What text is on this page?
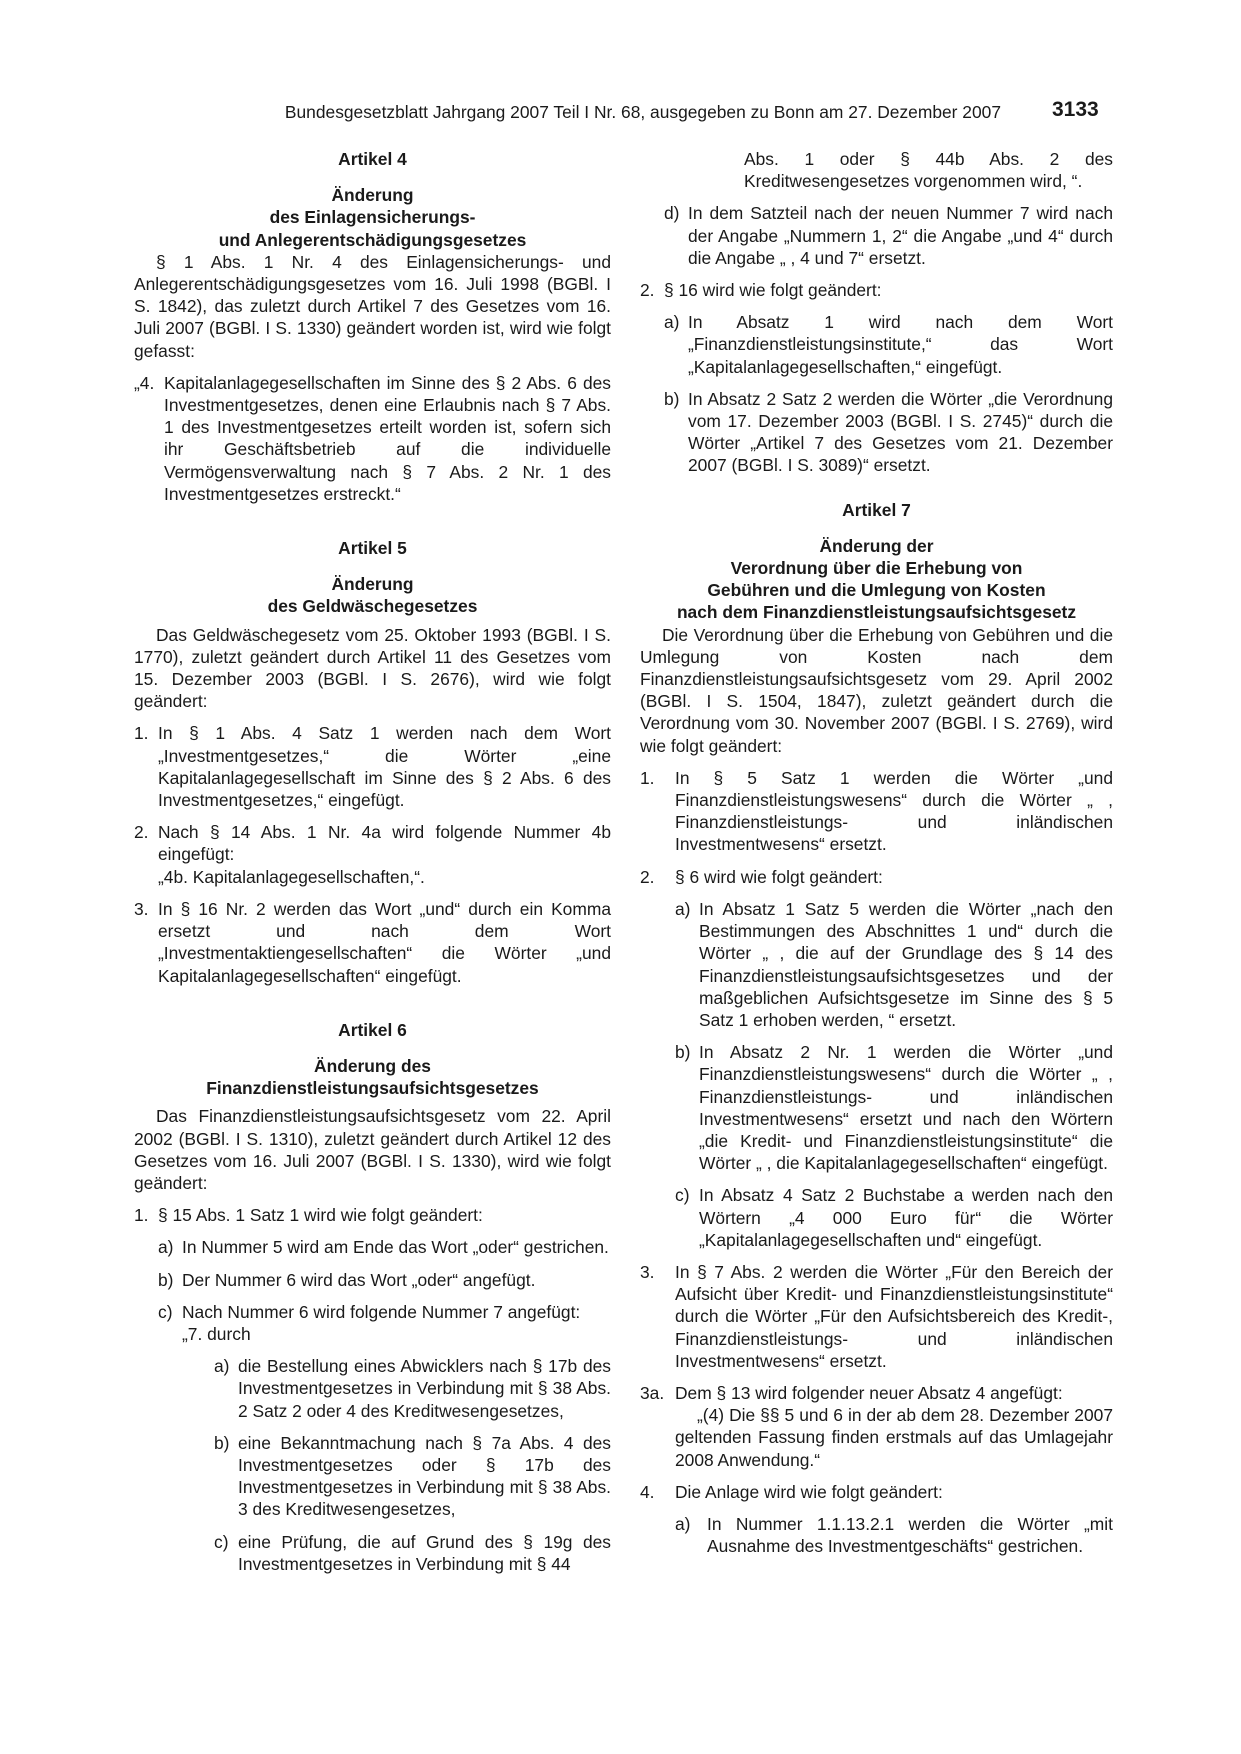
Bundesgesetzblatt Jahrgang 2007 Teil I Nr. 68, ausgegeben zu Bonn am 27. Dezember 2007 3133

Artikel 4

Änderung
des Einlagensicherungs-
und Anlegerentschädigungsgesetzes

§ 1 Abs. 1 Nr. 4 des Einlagensicherungs- und Anlegerentschädigungsgesetzes vom 16. Juli 1998 (BGBl. I S. 1842), das zuletzt durch Artikel 7 des Gesetzes vom 16. Juli 2007 (BGBl. I S. 1330) geändert worden ist, wird wie folgt gefasst:

„4. Kapitalanlagegesellschaften im Sinne des § 2 Abs. 6 des Investmentgesetzes, denen eine Erlaubnis nach § 7 Abs. 1 des Investmentgesetzes erteilt worden ist, sofern sich ihr Geschäftsbetrieb auf die individuelle Vermögensverwaltung nach § 7 Abs. 2 Nr. 1 des Investmentgesetzes erstreckt.“

Artikel 5

Änderung
des Geldwäschegesetzes

Das Geldwäschegesetz vom 25. Oktober 1993 (BGBl. I S. 1770), zuletzt geändert durch Artikel 11 des Gesetzes vom 15. Dezember 2003 (BGBl. I S. 2676), wird wie folgt geändert:

1. In § 1 Abs. 4 Satz 1 werden nach dem Wort „Investmentgesetzes,“ die Wörter „eine Kapitalanlagegesellschaft im Sinne des § 2 Abs. 6 des Investmentgesetzes,“ eingefügt.
2. Nach § 14 Abs. 1 Nr. 4a wird folgende Nummer 4b eingefügt:

„4b. Kapitalanlagegesellschaften,“.

3. In § 16 Nr. 2 werden das Wort „und“ durch ein Komma ersetzt und nach dem Wort „Investmentaktiengesellschaften“ die Wörter „und Kapitalanlagegesellschaften“ eingefügt.

Artikel 6

Änderung des
Finanzdienstleistungsaufsichtsgesetzes

Das Finanzdienstleistungsaufsichtsgesetz vom 22. April 2002 (BGBl. I S. 1310), zuletzt geändert durch Artikel 12 des Gesetzes vom 16. Juli 2007 (BGBl. I S. 1330), wird wie folgt geändert:

1. § 15 Abs. 1 Satz 1 wird wie folgt geändert:
a) In Nummer 5 wird am Ende das Wort „oder“ gestrichen.
b) Der Nummer 6 wird das Wort „oder“ angefügt.
c) Nach Nummer 6 wird folgende Nummer 7 angefügt:

„7. durch

a) die Bestellung eines Abwicklers nach § 17b des Investmentgesetzes in Verbindung mit § 38 Abs. 2 Satz 2 oder 4 des Kreditwesengesetzes,
b) eine Bekanntmachung nach § 7a Abs. 4 des Investmentgesetzes oder § 17b des Investmentgesetzes in Verbindung mit § 38 Abs. 3 des Kreditwesengesetzes,
c) eine Prüfung, die auf Grund des § 19g des Investmentgesetzes in Verbindung mit § 44

Abs. 1 oder § 44b Abs. 2 des Kreditwesengesetzes vorgenommen wird, “.

d) In dem Satzteil nach der neuen Nummer 7 wird nach der Angabe „Nummern 1, 2“ die Angabe „und 4“ durch die Angabe „ , 4 und 7“ ersetzt.
2. § 16 wird wie folgt geändert:
a) In Absatz 1 wird nach dem Wort „Finanzdienstleistungsinstitute,“ das Wort „Kapitalanlagegesellschaften,“ eingefügt.
b) In Absatz 2 Satz 2 werden die Wörter „die Verordnung vom 17. Dezember 2003 (BGBl. I S. 2745)“ durch die Wörter „Artikel 7 des Gesetzes vom 21. Dezember 2007 (BGBl. I S. 3089)“ ersetzt.

Artikel 7

Änderung der
Verordnung über die Erhebung von
Gebühren und die Umlegung von Kosten
nach dem Finanzdienstleistungsaufsichtsgesetz

Die Verordnung über die Erhebung von Gebühren und die Umlegung von Kosten nach dem Finanzdienstleistungsaufsichtsgesetz vom 29. April 2002 (BGBl. I S. 1504, 1847), zuletzt geändert durch die Verordnung vom 30. November 2007 (BGBl. I S. 2769), wird wie folgt geändert:

1.	In § 5 Satz 1 werden die Wörter „und Finanzdienstleistungswesens“ durch die Wörter „ , Finanzdienstleistungs- und inländischen Investmentwesens“ ersetzt.
2.	§ 6 wird wie folgt geändert:
a) In Absatz 1 Satz 5 werden die Wörter „nach den Bestimmungen des Abschnittes 1 und“ durch die Wörter „ , die auf der Grundlage des § 14 des Finanzdienstleistungsaufsichtsgesetzes und der maßgeblichen Aufsichtsgesetze im Sinne des § 5 Satz 1 erhoben werden, “ ersetzt.
b) In Absatz 2 Nr. 1 werden die Wörter „und Finanzdienstleistungswesens“ durch die Wörter „ , Finanzdienstleistungs- und inländischen Investmentwesens“ ersetzt und nach den Wörtern „die Kredit- und Finanzdienstleistungsinstitute“ die Wörter „ , die Kapitalanlagegesellschaften“ eingefügt.
c) In Absatz 4 Satz 2 Buchstabe a werden nach den Wörtern „4 000 Euro für“ die Wörter „Kapitalanlagegesellschaften und“ eingefügt.
3.	In § 7 Abs. 2 werden die Wörter „Für den Bereich der Aufsicht über Kredit- und Finanzdienstleistungsinstitute“ durch die Wörter „Für den Aufsichtsbereich des Kredit-, Finanzdienstleistungs- und inländischen Investmentwesens“ ersetzt.
3a. Dem § 13 wird folgender neuer Absatz 4 angefügt:

„(4) Die §§ 5 und 6 in der ab dem 28. Dezember 2007 geltenden Fassung finden erstmals auf das Umlagejahr 2008 Anwendung.“

4.	Die Anlage wird wie folgt geändert:
a) In Nummer 1.1.13.2.1 werden die Wörter „mit Ausnahme des Investmentgeschäfts“ gestrichen.
